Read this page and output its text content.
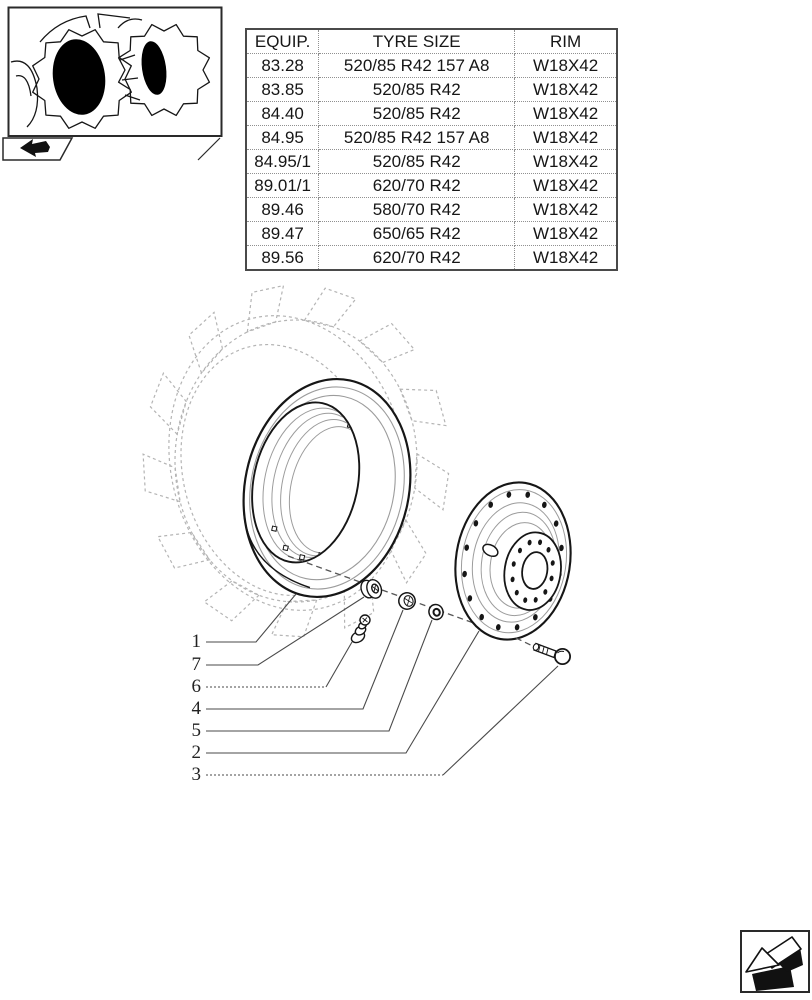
1
7
6
4
5
2
3
EQUIP.	TYRE SIZE	RIM
83.28	520/85 R42 157 A8	W18X42
83.85	520/85 R42	W18X42
84.40	520/85 R42	W18X42
84.95	520/85 R42 157 A8	W18X42
84.95/1	520/85 R42	W18X42
89.01/1	620/70 R42	W18X42
89.46	580/70 R42	W18X42
89.47	650/65 R42	W18X42
89.56	620/70 R42	W18X42
